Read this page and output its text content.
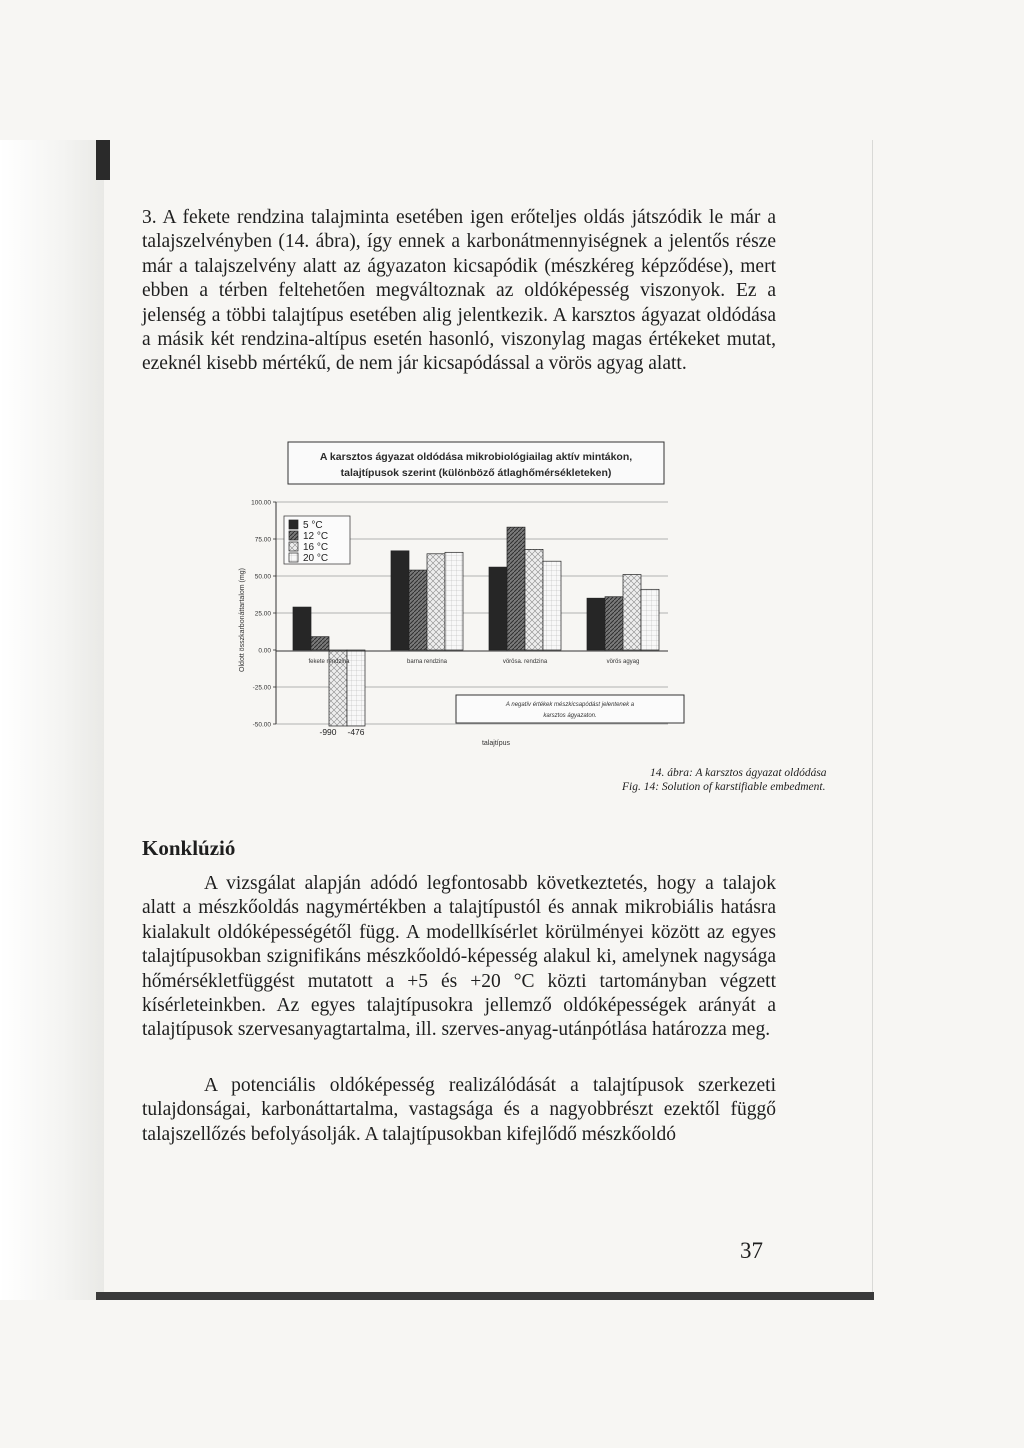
3. A fekete rendzina talajminta esetében igen erőteljes oldás játszódik le már a talajszelvényben (14. ábra), így ennek a karbonátmennyiségnek a jelentős része már a talajszelvény alatt az ágyazaton kicsapódik (mészkéreg képződése), mert ebben a térben feltehetően megváltoznak az oldóképesség viszonyok. Ez a jelenség a többi talajtípus esetében alig jelentkezik. A karsztos ágyazat oldódása a másik két rendzina-altípus esetén hasonló, viszonylag magas értékeket mutat, ezeknél kisebb mértékű, de nem jár kicsapódással a vörös agyag alatt.

-50.00
-25.00
0.00
25.00
50.00
75.00
100.00
fekete rendzina	barna rendzina	vörösa. rendzina	vörös agyag
Oldott összkarbonáttartalom (mg)
A karsztos ágyazat oldódása mikrobiológiailag aktív mintákon,
talajtípusok szerint (különböző átlaghőmérsékleteken)
5 °C
12 °C
16 °C
20 °C
A negatív értékek mészkicsapódást jelentenek a
karsztos ágyazaton.
talajtípus
-990 -476
14. ábra: A karsztos ágyazat oldódása
Fig. 14: Solution of karstifiable embedment.
Konklúzió

A vizsgálat alapján adódó legfontosabb következtetés, hogy a talajok alatt a mészkőoldás nagymértékben a talajtípustól és annak mikrobiális hatásra kialakult oldóképességétől függ. A modellkísérlet körülményei között az egyes talajtípusokban szignifikáns mészkőoldó-képesség alakul ki, amelynek nagysága hőmérsékletfüggést mutatott a +5 és +20 °C közti tartományban végzett kísérleteinkben. Az egyes talajtípusokra jellemző oldóképességek arányát a talajtípusok szervesanyagtartalma, ill. szerves-anyag-utánpótlása határozza meg.

A potenciális oldóképesség realizálódását a talajtípusok szerkezeti tulajdonságai, karbonáttartalma, vastagsága és a nagyobbrészt ezektől függő talajszellőzés befolyásolják. A talajtípusokban kifejlődő mészkőoldó

37
